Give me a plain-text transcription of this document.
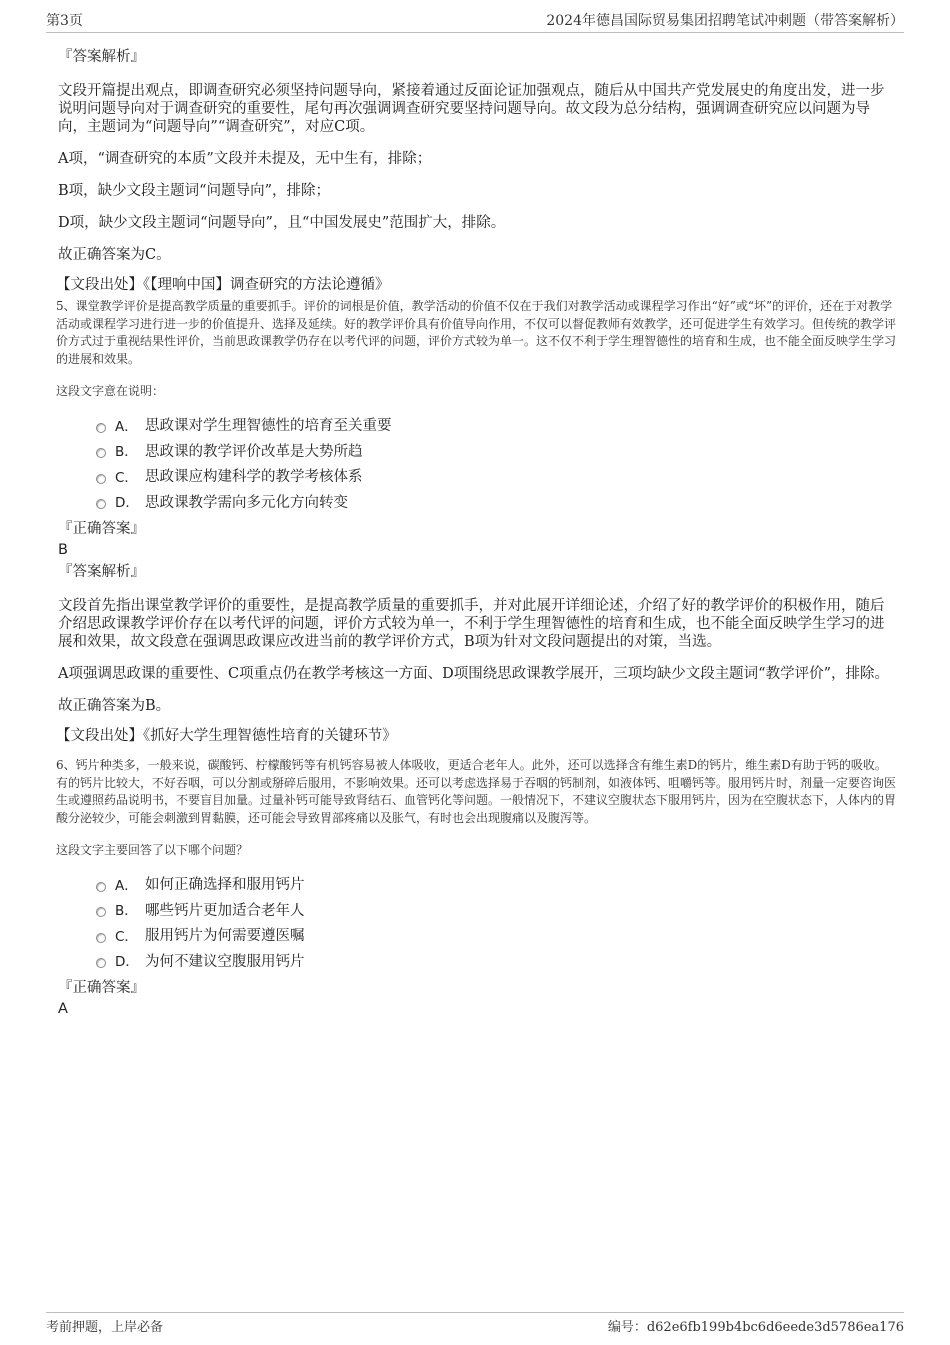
第3页	2024年德昌国际贸易集团招聘笔试冲刺题（带答案解析）

『答案解析』

文段开篇提出观点，即调查研究必须坚持问题导向，紧接着通过反面论证加强观点，随后从中国共产党发展史的角度出发，进一步说明问题导向对于调查研究的重要性，尾句再次强调调查研究要坚持问题导向。故文段为总分结构，强调调查研究应以问题为导向，主题词为“问题导向”“调查研究”，对应C项。

A项，“调查研究的本质”文段并未提及，无中生有，排除；

B项，缺少文段主题词“问题导向”，排除；

D项，缺少文段主题词“问题导向”，且“中国发展史”范围扩大，排除。

故正确答案为C。

【文段出处】《【理响中国】调查研究的方法论遵循》

5、课堂教学评价是提高教学质量的重要抓手。评价的词根是价值，教学活动的价值不仅在于我们对教学活动或课程学习作出“好”或“坏”的评价，还在于对教学活动或课程学习进行进一步的价值提升、选择及延续。好的教学评价具有价值导向作用，不仅可以督促教师有效教学，还可促进学生有效学习。但传统的教学评价方式过于重视结果性评价，当前思政课教学仍存在以考代评的问题，评价方式较为单一。这不仅不利于学生理智德性的培育和生成，也不能全面反映学生学习的进展和效果。

这段文字意在说明：

A． 思政课对学生理智德性的培育至关重要
B． 思政课的教学评价改革是大势所趋
C． 思政课应构建科学的教学考核体系
D． 思政课教学需向多元化方向转变

『正确答案』

B

『答案解析』

文段首先指出课堂教学评价的重要性，是提高教学质量的重要抓手，并对此展开详细论述，介绍了好的教学评价的积极作用，随后介绍思政课教学评价存在以考代评的问题，评价方式较为单一，不利于学生理智德性的培育和生成，也不能全面反映学生学习的进展和效果，故文段意在强调思政课应改进当前的教学评价方式，B项为针对文段问题提出的对策，当选。

A项强调思政课的重要性、C项重点仍在教学考核这一方面、D项围绕思政课教学展开，三项均缺少文段主题词“教学评价”，排除。

故正确答案为B。

【文段出处】《抓好大学生理智德性培育的关键环节》

6、钙片种类多，一般来说，碳酸钙、柠檬酸钙等有机钙容易被人体吸收，更适合老年人。此外，还可以选择含有维生素D的钙片，维生素D有助于钙的吸收。有的钙片比较大，不好吞咽，可以分割或掰碎后服用，不影响效果。还可以考虑选择易于吞咽的钙制剂，如液体钙、咀嚼钙等。服用钙片时，剂量一定要咨询医生或遵照药品说明书，不要盲目加量。过量补钙可能导致肾结石、血管钙化等问题。一般情况下，不建议空腹状态下服用钙片，因为在空腹状态下，人体内的胃酸分泌较少，可能会刺激到胃黏膜，还可能会导致胃部疼痛以及胀气，有时也会出现腹痛以及腹泻等。

这段文字主要回答了以下哪个问题？

A． 如何正确选择和服用钙片
B． 哪些钙片更加适合老年人
C． 服用钙片为何需要遵医嘱
D． 为何不建议空腹服用钙片

『正确答案』

A

考前押题，上岸必备	编号：d62e6fb199b4bc6d6eede3d5786ea176
